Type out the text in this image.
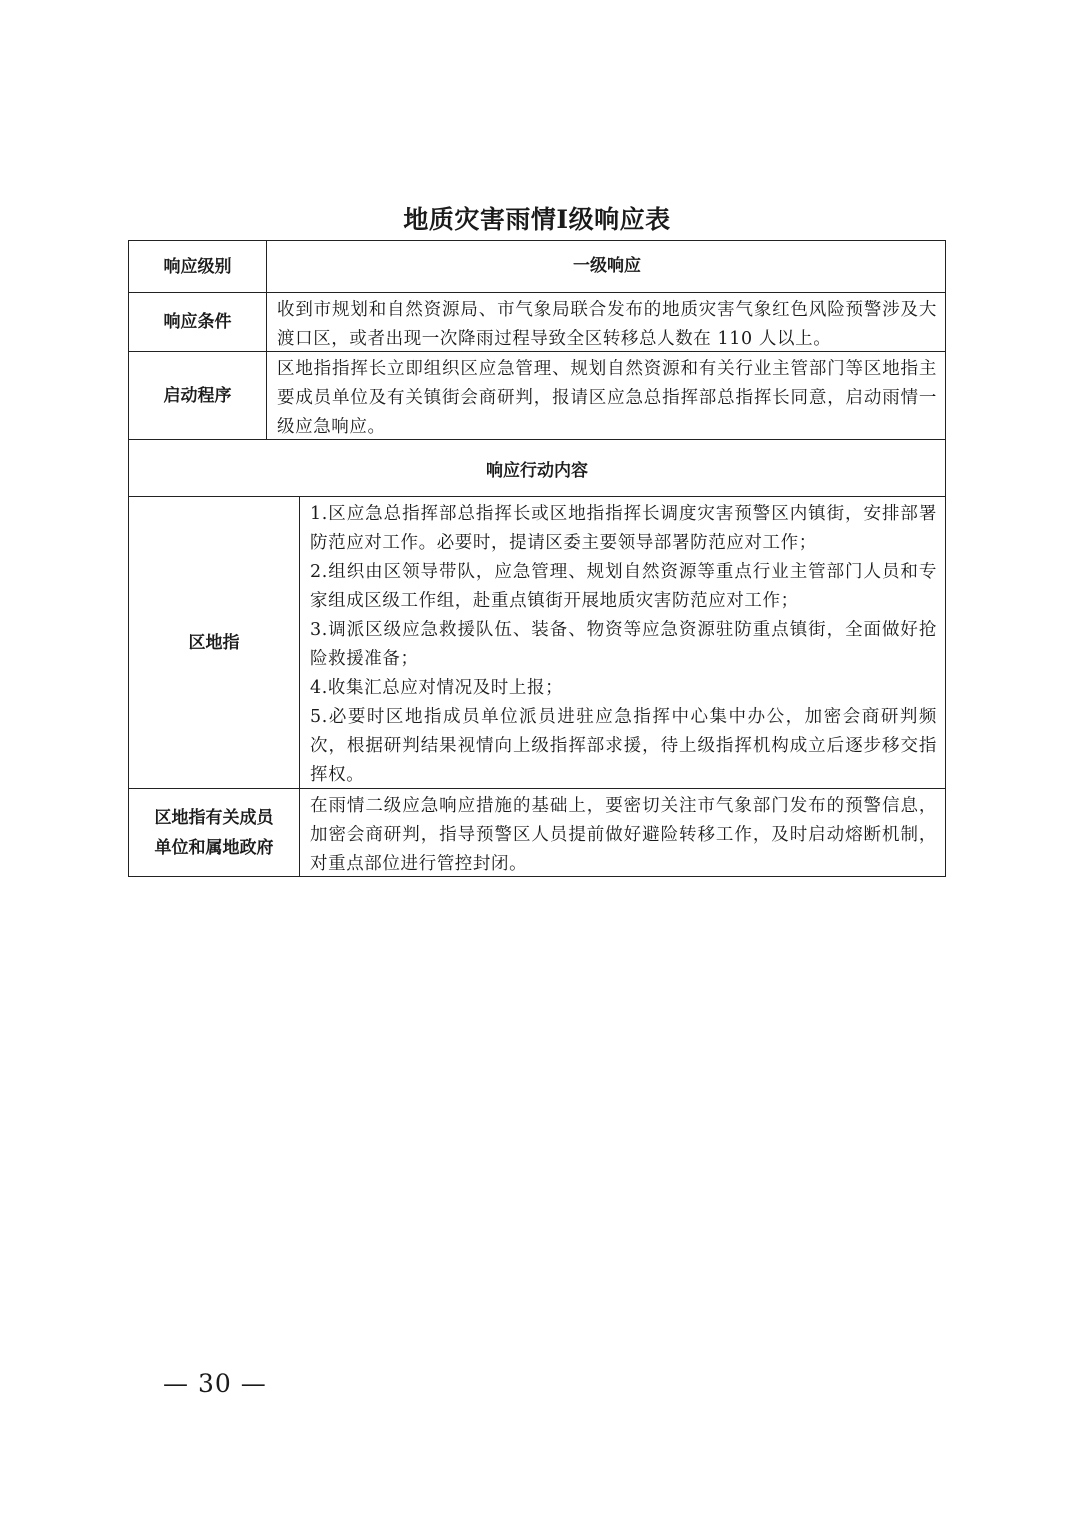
地质灾害雨情Ⅰ级响应表
响应级别	一级响应
响应条件
收到市规划和自然资源局、市气象局联合发布的地质灾害气象红色风险预警涉及大渡口区，或者出现一次降雨过程导致全区转移总人数在 110 人以上。
启动程序
区地指指挥长立即组织区应急管理、规划自然资源和有关行业主管部门等区地指主要成员单位及有关镇街会商研判，报请区应急总指挥部总指挥长同意，启动雨情一级应急响应。
响应行动内容
区地指

1.区应急总指挥部总指挥长或区地指指挥长调度灾害预警区内镇街，安排部署防范应对工作。必要时，提请区委主要领导部署防范应对工作；

2.组织由区领导带队，应急管理、规划自然资源等重点行业主管部门人员和专家组成区级工作组，赴重点镇街开展地质灾害防范应对工作；

3.调派区级应急救援队伍、装备、物资等应急资源驻防重点镇街，全面做好抢险救援准备；

4.收集汇总应对情况及时上报；

5.必要时区地指成员单位派员进驻应急指挥中心集中办公，加密会商研判频次，根据研判结果视情向上级指挥部求援，待上级指挥机构成立后逐步移交指挥权。

区地指有关成员
单位和属地政府
在雨情二级应急响应措施的基础上，要密切关注市气象部门发布的预警信息，加密会商研判，指导预警区人员提前做好避险转移工作，及时启动熔断机制，对重点部位进行管控封闭。
— 30 —
